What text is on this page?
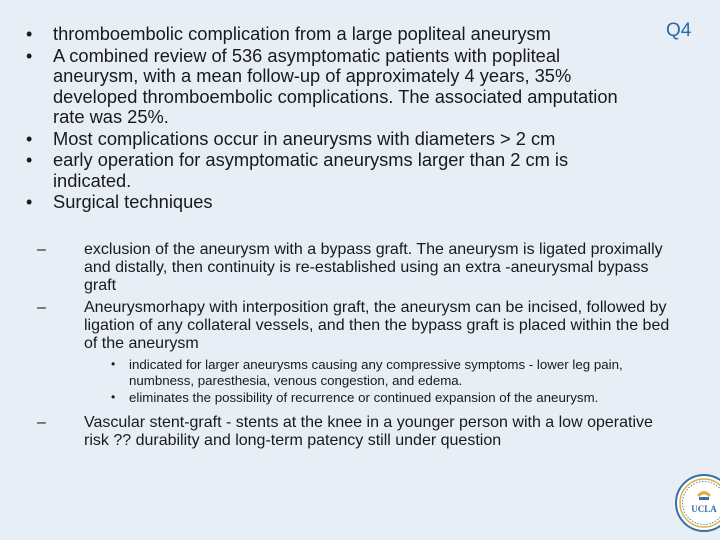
Q4
• thromboembolic complication from a large popliteal aneurysm
• A combined review of 536 asymptomatic patients with popliteal aneurysm, with a mean follow-up of approximately 4 years, 35% developed thromboembolic complications. The associated amputation rate was 25%.
• Most complications occur in aneurysms with diameters > 2 cm
• early operation for asymptomatic aneurysms larger than 2 cm is indicated.
• Surgical techniques
– exclusion of the aneurysm with a bypass graft. The aneurysm is ligated proximally and distally, then continuity is re-established using an extra -aneurysmal bypass graft
– Aneurysmorhapy with interposition graft, the aneurysm can be incised, followed by ligation of any collateral vessels, and then the bypass graft is placed within the bed of the aneurysm
• indicated for larger aneurysms causing any compressive symptoms - lower leg pain, numbness, paresthesia, venous congestion, and edema.
• eliminates the possibility of recurrence or continued expansion of the aneurysm.
– Vascular stent-graft - stents at the knee in a younger person with a low operative risk ?? durability and long-term patency still under question
UCLA
